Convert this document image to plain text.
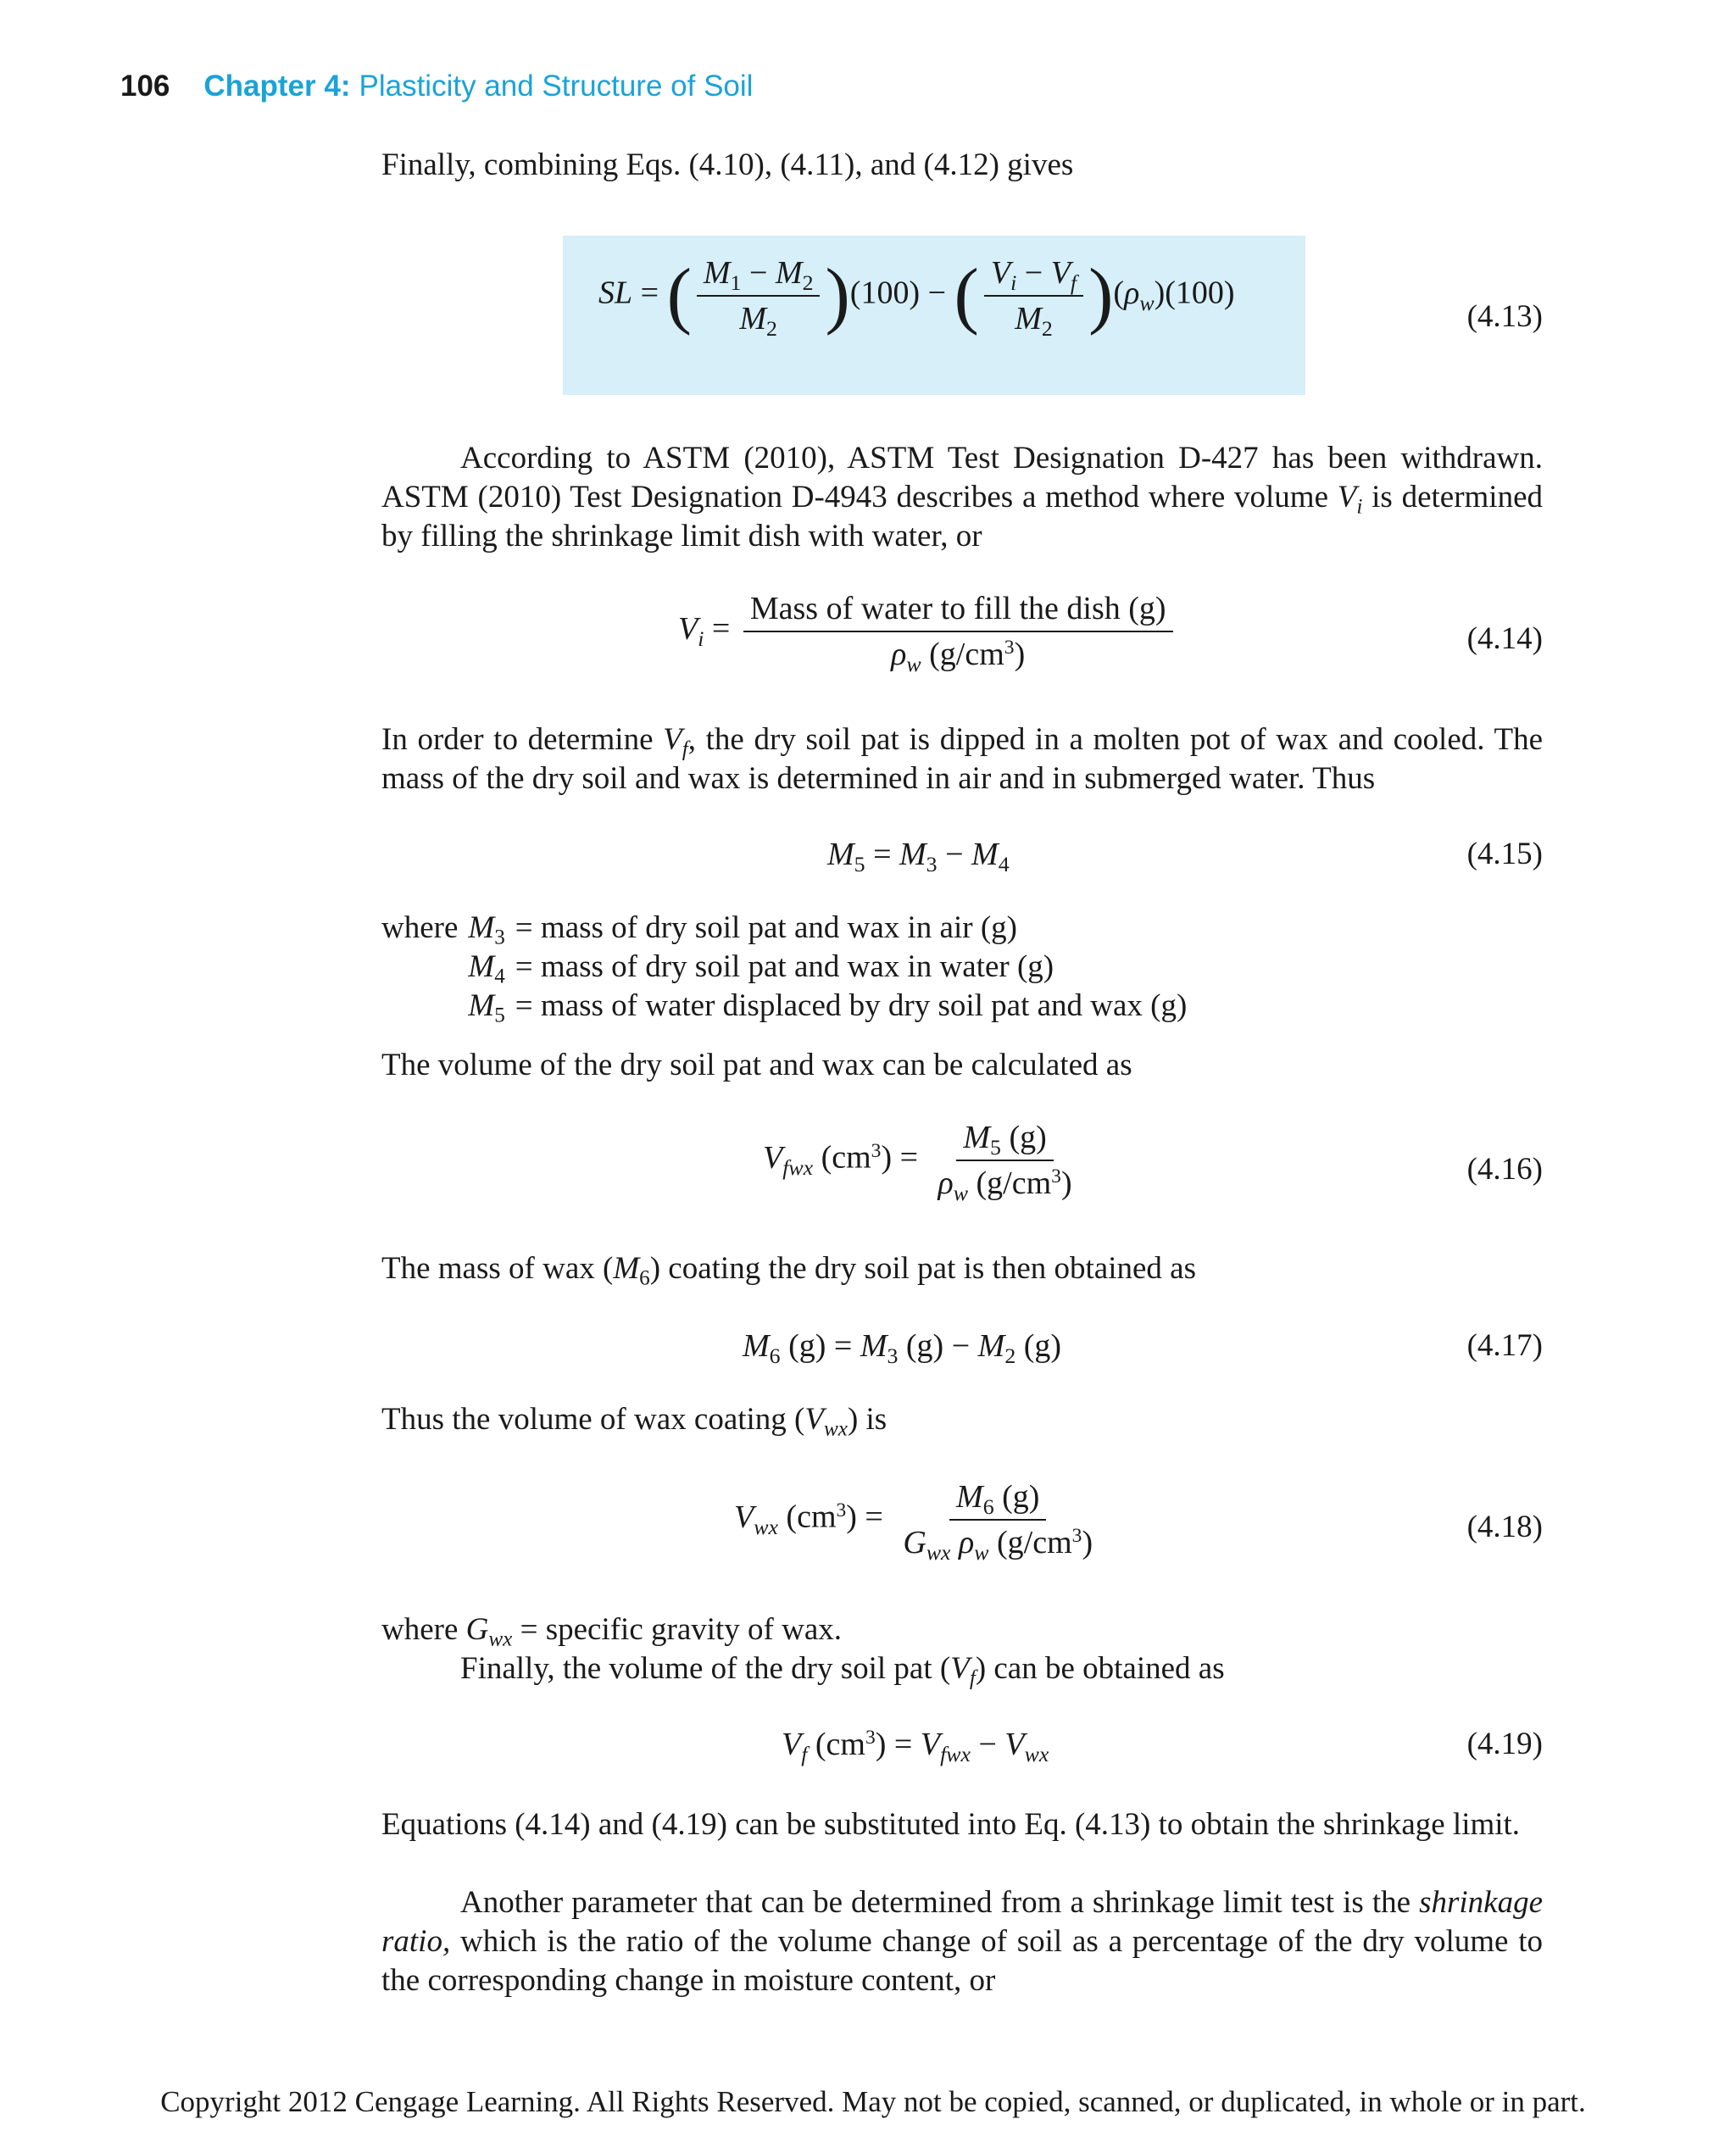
106 Chapter 4: Plasticity and Structure of Soil
Finally, combining Eqs. (4.10), (4.11), and (4.12) gives
SL = ( $\frac{M_1 - M_2}{M_2} )(100)$ − ( $\frac{V_i - V_f}{M_2} )(\rho_w)(100)$
(4.13)
According to ASTM (2010), ASTM Test Designation D-427 has been withdrawn. ASTM (2010) Test Designation D-4943 describes a method where volume $V_i$ is determined by filling the shrinkage limit dish with water, or
$V_i = \frac{\text{Mass of water to fill the dish (g)}}{\rho_w (g/cm^3)}$	(4.14)
In order to determine $V_f$, the dry soil pat is dipped in a molten pot of wax and cooled. The mass of the dry soil and wax is determined in air and in submerged water. Thus
$M_5 = M_3 - M_4$	(4.15)
where	$M_3$	= mass of dry soil pat and wax in air (g)
	$M_4$	= mass of dry soil pat and wax in water (g)
	$M_5$	= mass of water displaced by dry soil pat and wax (g)
The volume of the dry soil pat and wax can be calculated as
$V_{fwx}$ $(cm^3) = \frac{M_5 (g)}{\rho_w (g/cm^3)}$	(4.16)
The mass of wax $(M_6)$ coating the dry soil pat is then obtained as
$M_6$ $(g) = M_3$ $(g) - M_2$ (g)	(4.17)
Thus the volume of wax coating $(V_{wx})$ is
$V_{wx}$ $(cm^3) = \frac{M_6 (g)}{G_{wx} \rho_w (g/cm^3)}$	(4.18)
where $G_{wx}$ = specific gravity of wax.
Finally, the volume of the dry soil pat $(V_f)$ can be obtained as
$V_f$ $(cm^3) = V_{fwx} - V_{wx}$	(4.19)
Equations (4.14) and (4.19) can be substituted into Eq. (4.13) to obtain the shrinkage limit.
Another parameter that can be determined from a shrinkage limit test is the shrinkage ratio, which is the ratio of the volume change of soil as a percentage of the dry volume to the corresponding change in moisture content, or
Copyright 2012 Cengage Learning. All Rights Reserved. May not be copied, scanned, or duplicated, in whole or in part.
